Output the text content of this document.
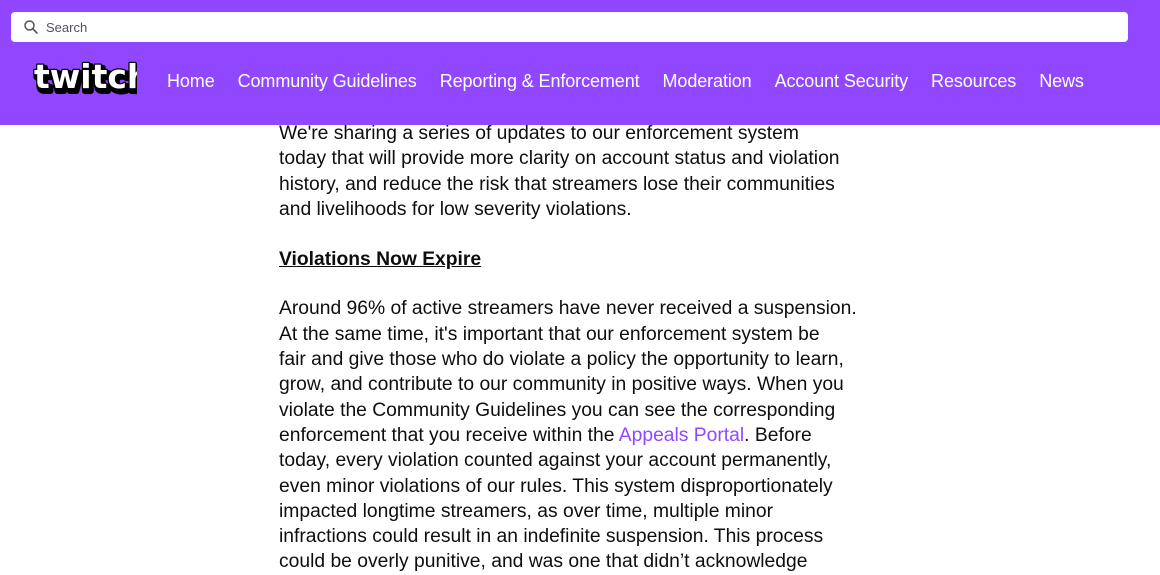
Search
twitc
twitc	Home Community Guidelines Reporting & Enforcement Moderation Account Security Resources News

We're sharing a series of updates to our enforcement system
today that will provide more clarity on account status and violation
history, and reduce the risk that streamers lose their communities
and livelihoods for low severity violations.

Violations Now Expire

Around 96% of active streamers have never received a suspension.
At the same time, it's important that our enforcement system be
fair and give those who do violate a policy the opportunity to learn,
grow, and contribute to our community in positive ways. When you
violate the Community Guidelines you can see the corresponding
enforcement that you receive within the Appeals Portal. Before
today, every violation counted against your account permanently,
even minor violations of our rules. This system disproportionately
impacted longtime streamers, as over time, multiple minor
infractions could result in an indefinite suspension. This process
could be overly punitive, and was one that didn’t acknowledge
